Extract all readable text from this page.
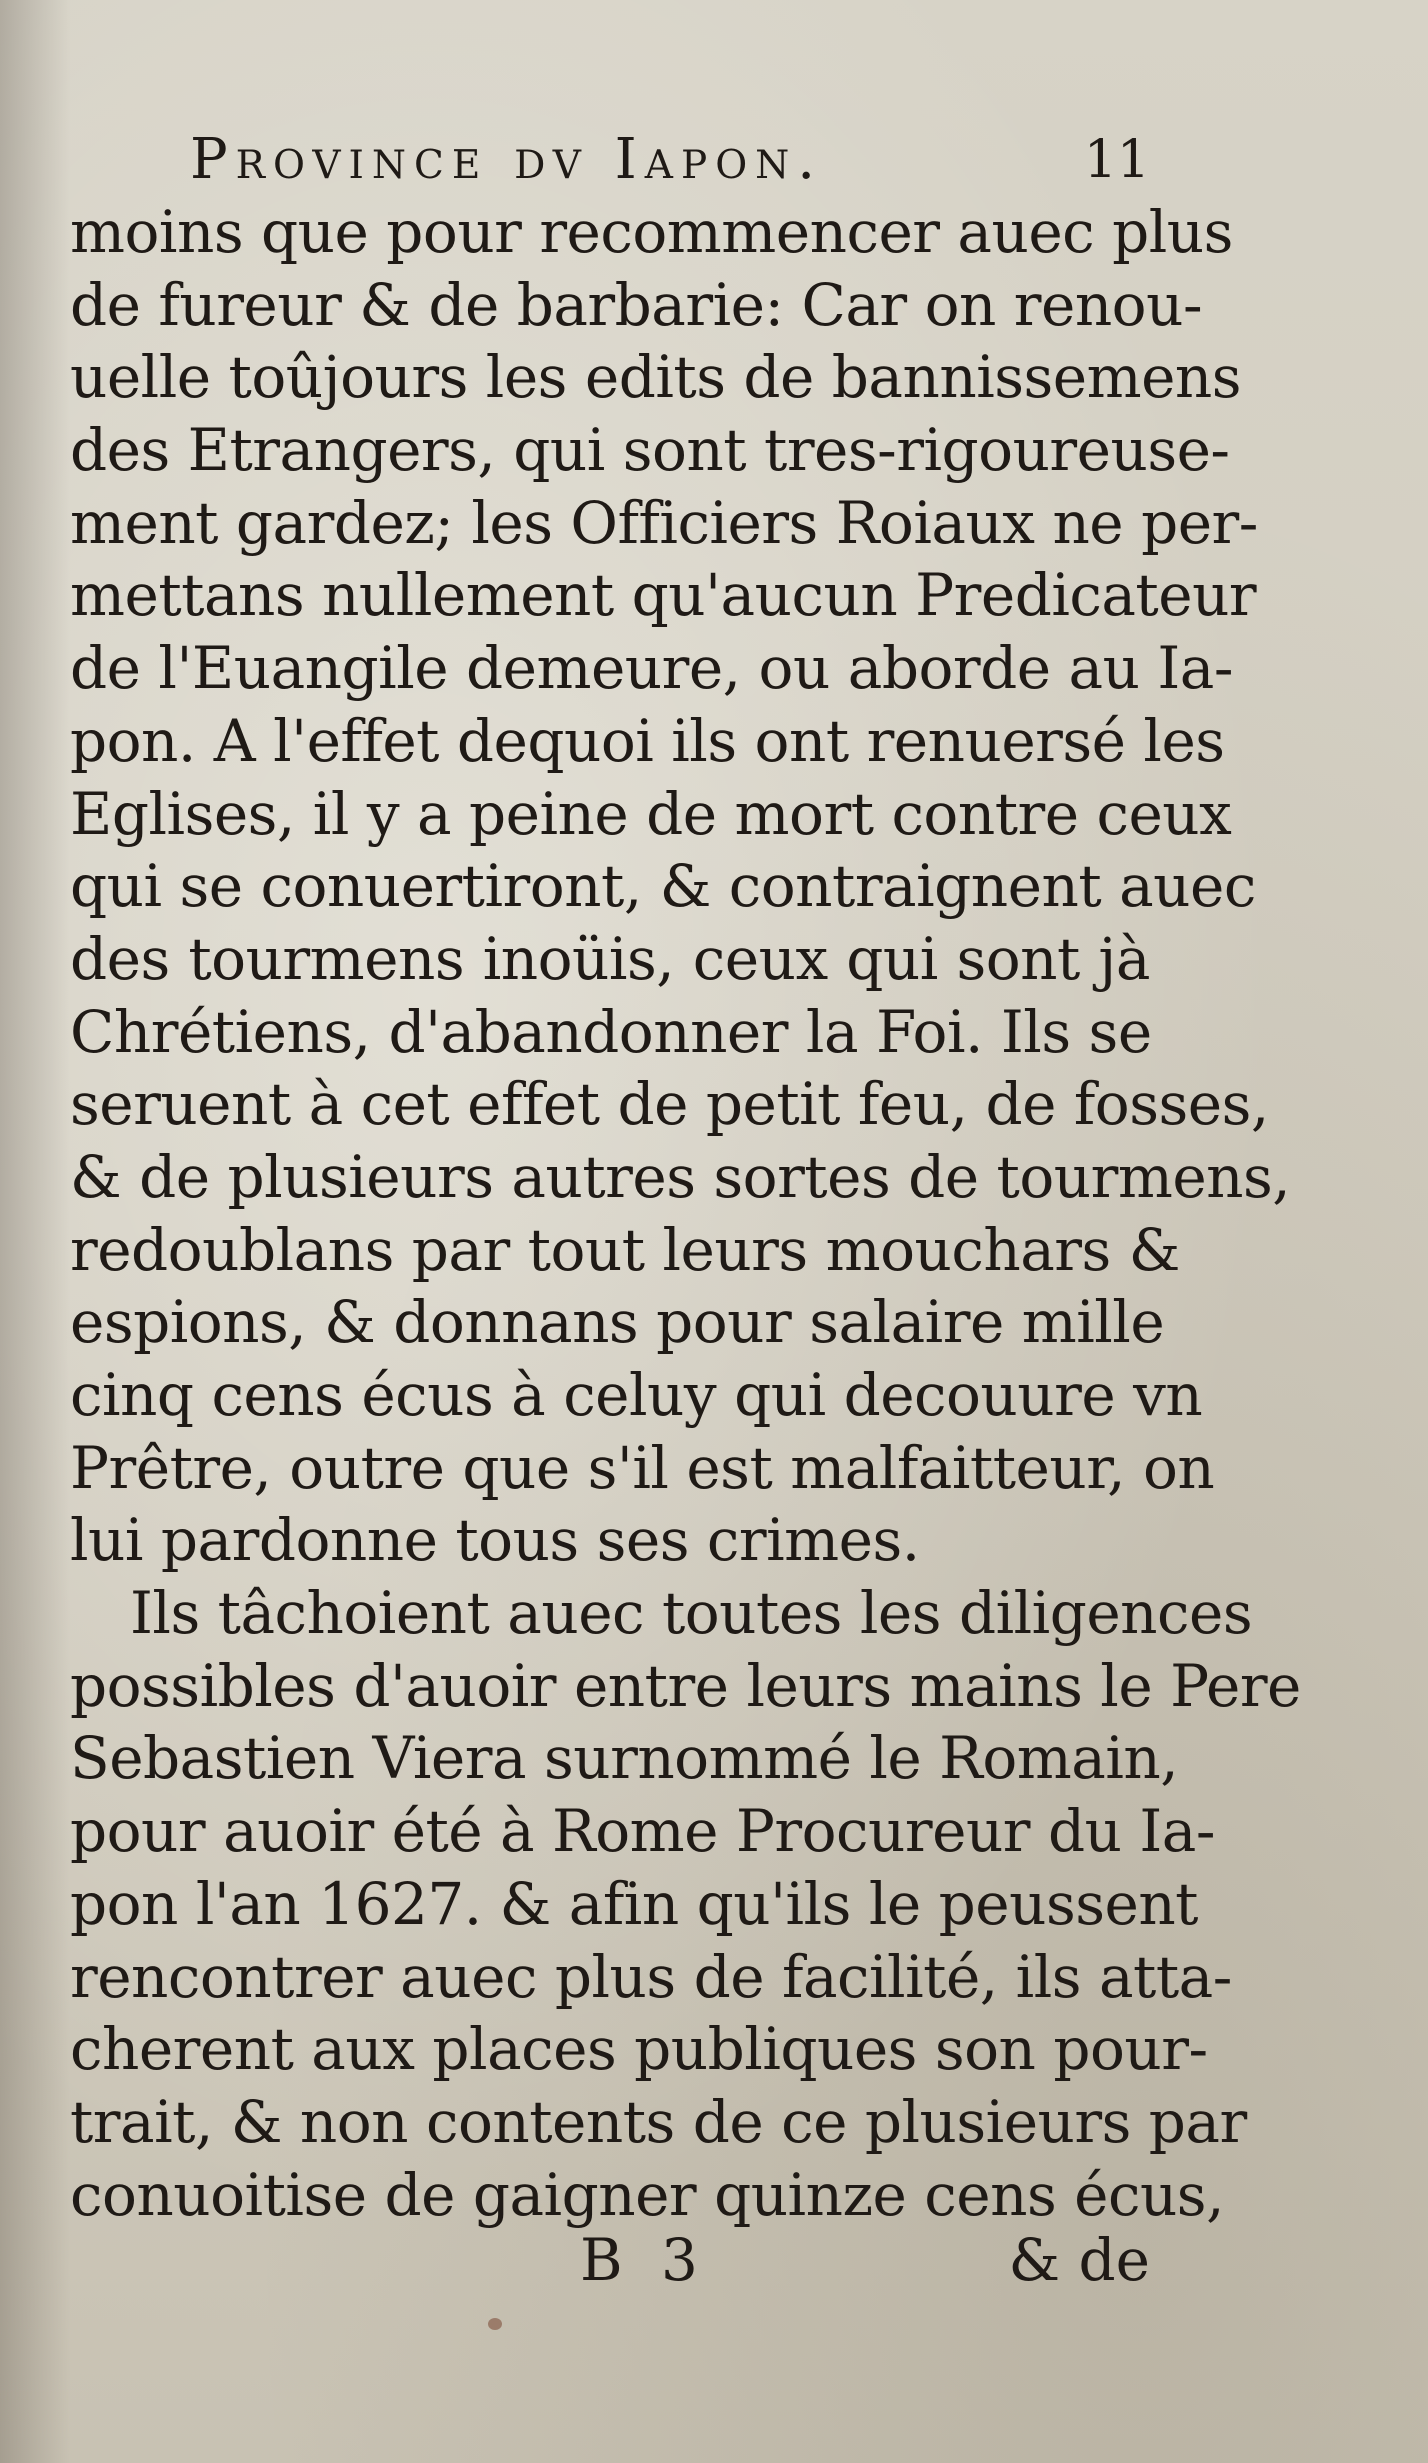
Province dv Iapon.	11
moins que pour recommencer auec plus
de fureur & de barbarie: Car on renou-
uelle toûjours les edits de bannissemens
des Etrangers, qui sont tres-rigoureuse-
ment gardez; les Officiers Roiaux ne per-
mettans nullement qu'aucun Predicateur
de l'Euangile demeure, ou aborde au Ia-
pon. A l'effet dequoi ils ont renuersé les
Eglises, il y a peine de mort contre ceux
qui se conuertiront, & contraignent auec
des tourmens inoüis, ceux qui sont jà
Chrétiens, d'abandonner la Foi. Ils se
seruent à cet effet de petit feu, de fosses,
& de plusieurs autres sortes de tourmens,
redoublans par tout leurs mouchars &
espions, & donnans pour salaire mille
cinq cens écus à celuy qui decouure vn
Prêtre, outre que s'il est malfaitteur, on
lui pardonne tous ses crimes.
Ils tâchoient auec toutes les diligences
possibles d'auoir entre leurs mains le Pere
Sebastien Viera surnommé le Romain,
pour auoir été à Rome Procureur du Ia-
pon l'an 1627. & afin qu'ils le peussent
rencontrer auec plus de facilité, ils atta-
cherent aux places publiques son pour-
trait, & non contents de ce plusieurs par
conuoitise de gaigner quinze cens écus,
B 3	& de
